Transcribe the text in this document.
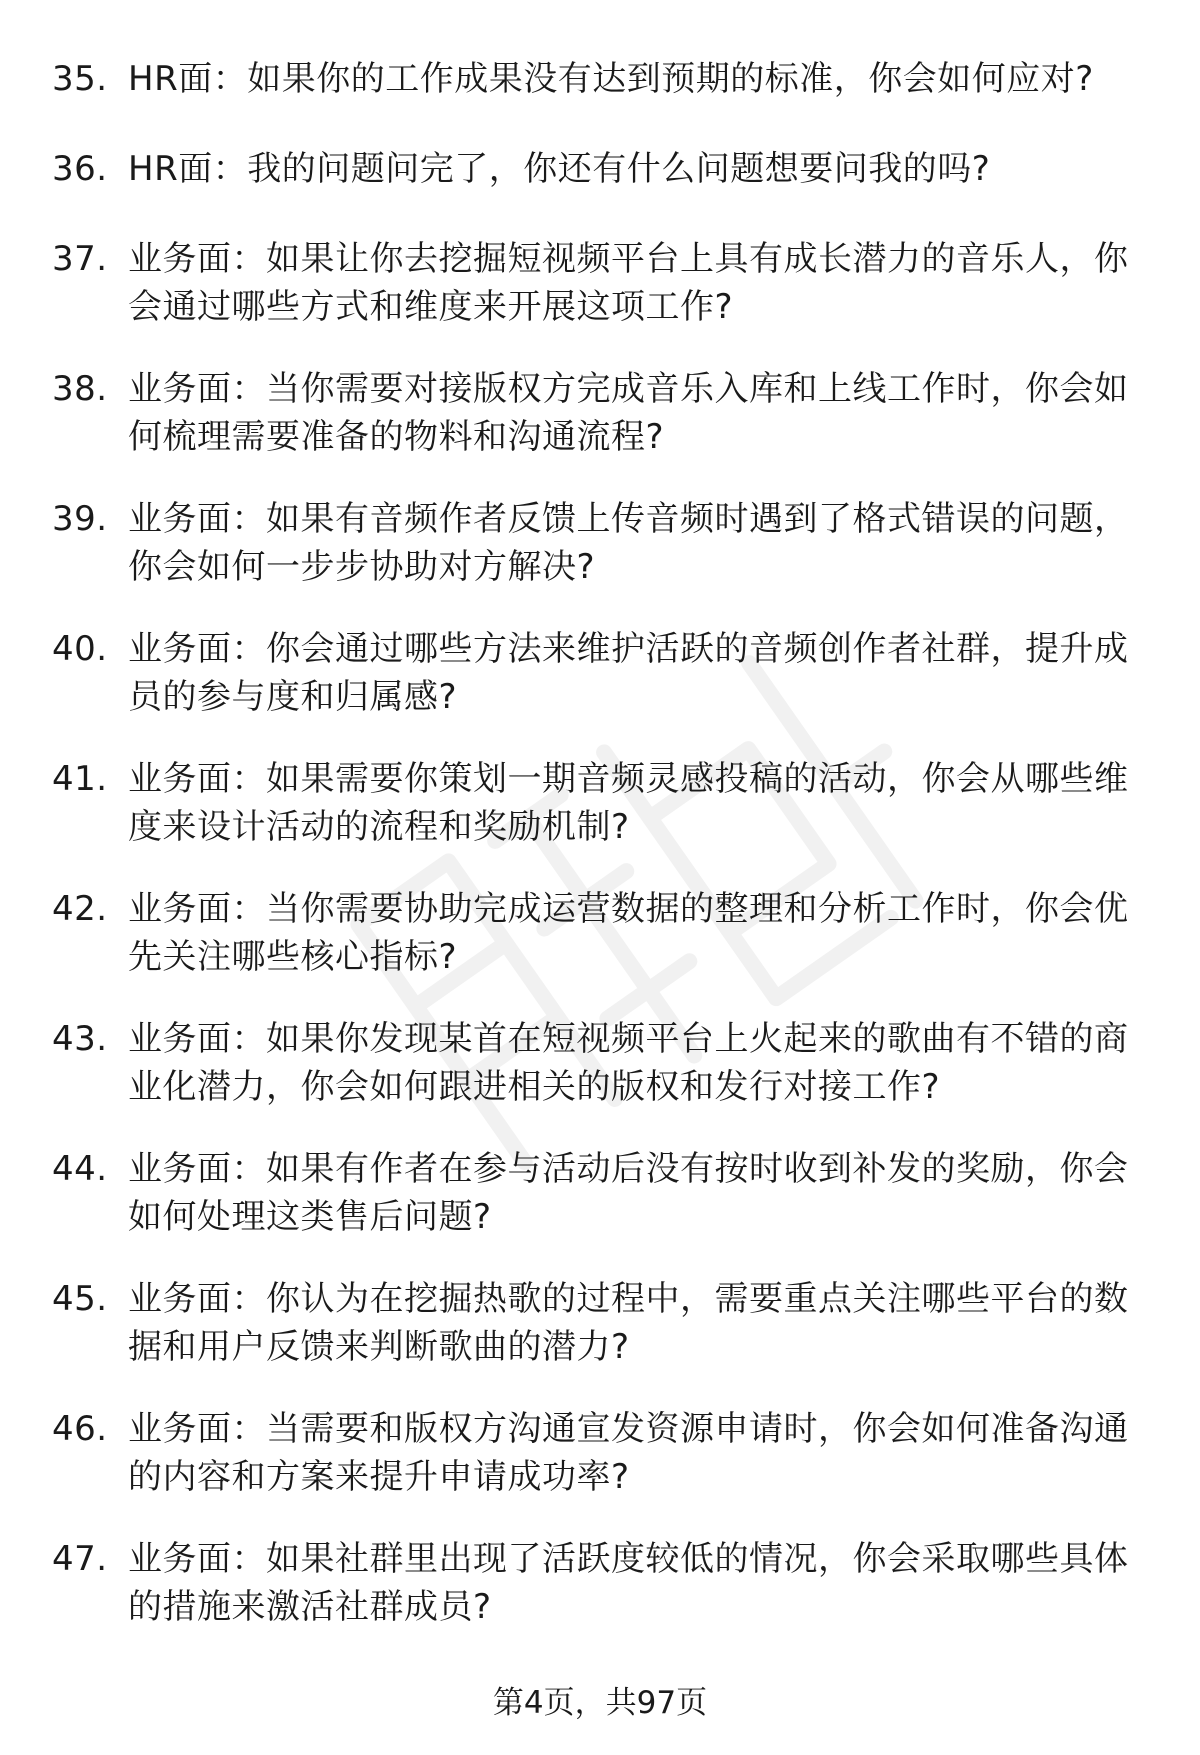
35. HR面：如果你的工作成果没有达到预期的标准，你会如何应对?
36. HR面：我的问题问完了，你还有什么问题想要问我的吗?
37. 业务面：如果让你去挖掘短视频平台上具有成长潜力的音乐人，你会通过哪些方式和维度来开展这项工作?
38. 业务面：当你需要对接版权方完成音乐入库和上线工作时，你会如何梳理需要准备的物料和沟通流程?
39. 业务面：如果有音频作者反馈上传音频时遇到了格式错误的问题，你会如何一步步协助对方解决?
40. 业务面：你会通过哪些方法来维护活跃的音频创作者社群，提升成员的参与度和归属感?
41. 业务面：如果需要你策划一期音频灵感投稿的活动，你会从哪些维度来设计活动的流程和奖励机制?
42. 业务面：当你需要协助完成运营数据的整理和分析工作时，你会优先关注哪些核心指标?
43. 业务面：如果你发现某首在短视频平台上火起来的歌曲有不错的商业化潜力，你会如何跟进相关的版权和发行对接工作?
44. 业务面：如果有作者在参与活动后没有按时收到补发的奖励，你会如何处理这类售后问题?
45. 业务面：你认为在挖掘热歌的过程中，需要重点关注哪些平台的数据和用户反馈来判断歌曲的潜力?
46. 业务面：当需要和版权方沟通宣发资源申请时，你会如何准备沟通的内容和方案来提升申请成功率?
47. 业务面：如果社群里出现了活跃度较低的情况，你会采取哪些具体的措施来激活社群成员?
第4页，共97页
